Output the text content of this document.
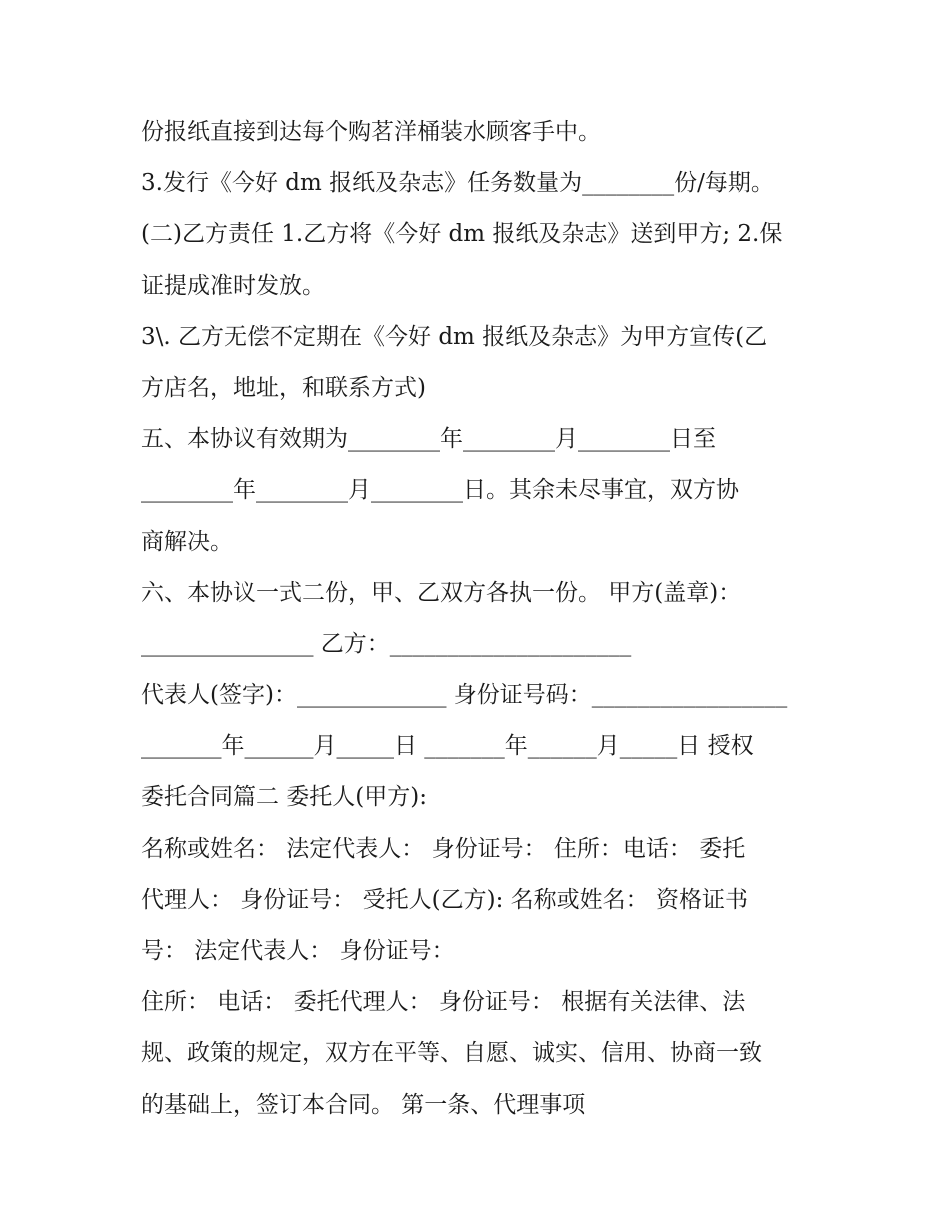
份报纸直接到达每个购茗洋桶装水顾客手中。
3.发行《今好 dm 报纸及杂志》任务数量为________份/每期。
(二)乙方责任 1.乙方将《今好 dm 报纸及杂志》送到甲方; 2.保
证提成准时发放。
3\. 乙方无偿不定期在《今好 dm 报纸及杂志》为甲方宣传(乙
方店名，地址，和联系方式)
五、本协议有效期为________年________月________日至
________年________月________日。其余未尽事宜，双方协
商解决。
六、本协议一式二份，甲、乙双方各执一份。 甲方(盖章)：
_______________ 乙方：_____________________
代表人(签字)：_____________ 身份证号码：_________________
_______年______月_____日 _______年______月_____日 授权
委托合同篇二 委托人(甲方):
名称或姓名： 法定代表人： 身份证号： 住所：电话： 委托
代理人： 身份证号： 受托人(乙方): 名称或姓名： 资格证书
号： 法定代表人： 身份证号：
住所： 电话： 委托代理人： 身份证号： 根据有关法律、法
规、政策的规定，双方在平等、自愿、诚实、信用、协商一致
的基础上，签订本合同。 第一条、代理事项
